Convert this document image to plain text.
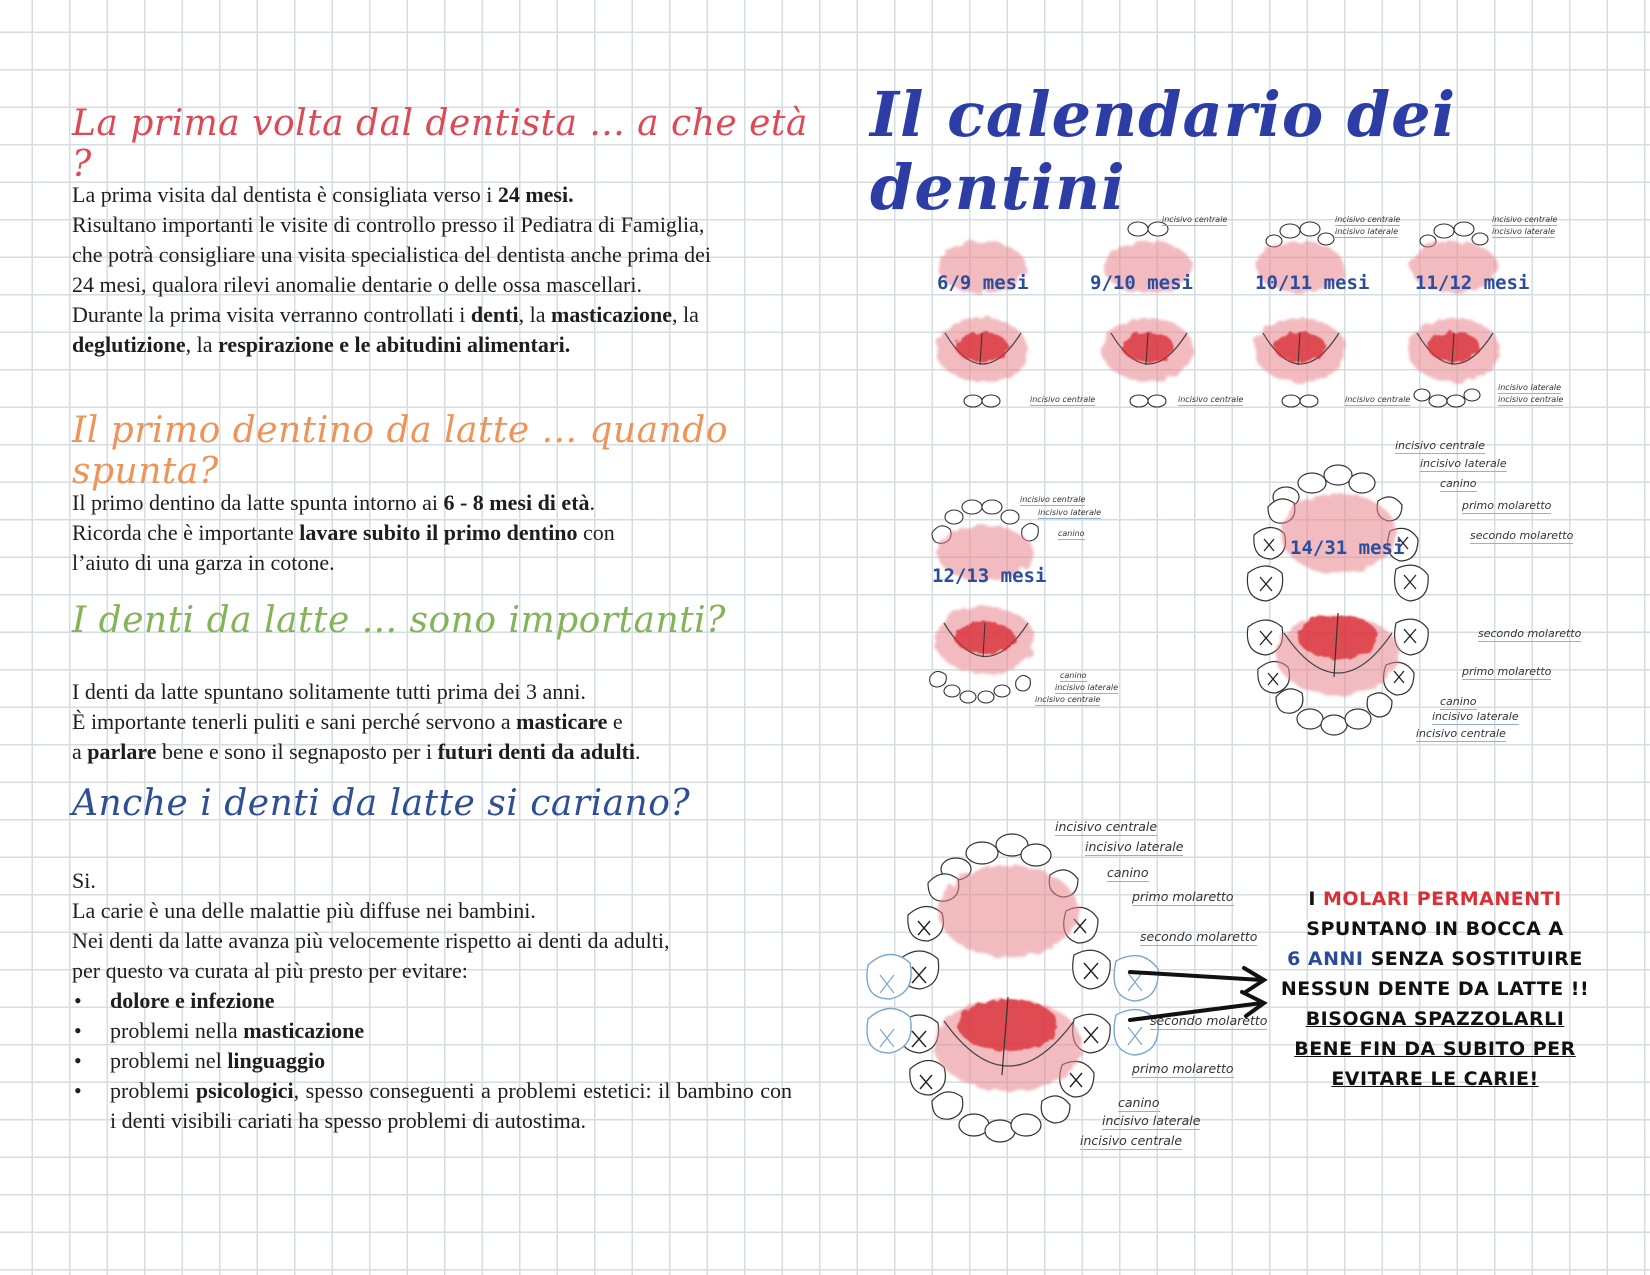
La prima volta dal dentista ... a che età ?
La prima visita dal dentista è consigliata verso i 24 mesi.
Risultano importanti le visite di controllo presso il Pediatra di Famiglia,
che potrà consigliare una visita specialistica del dentista anche prima dei
24 mesi, qualora rilevi anomalie dentarie o delle ossa mascellari.
Durante la prima visita verranno controllati i denti, la masticazione, la
deglutizione, la respirazione e le abitudini alimentari.
Il primo dentino da latte ... quando spunta?
Il primo dentino da latte spunta intorno ai 6 - 8 mesi di età.
Ricorda che è importante lavare subito il primo dentino con
l’aiuto di una garza in cotone.
I denti da latte ... sono importanti?
I denti da latte spuntano solitamente tutti prima dei 3 anni.
È importante tenerli puliti e sani perché servono a masticare e
a parlare bene e sono il segnaposto per i futuri denti da adulti.
Anche i denti da latte si cariano?
Si.
La carie è una delle malattie più diffuse nei bambini.
Nei denti da latte avanza più velocemente rispetto ai denti da adulti,
per questo va curata al più presto per evitare:
• dolore e infezione
• problemi nella masticazione
• problemi nel linguaggio
• problemi psicologici, spesso conseguenti a problemi estetici: il bambino con i denti visibili cariati ha spesso problemi di autostima.
Il calendario dei dentini
6/9 mesi
incisivo centrale
9/10 mesi
incisivo centrale
incisivo centrale
10/11 mesi
incisivo centrale
incisivo laterale
incisivo centrale
11/12 mesi
incisivo centrale
incisivo laterale
incisivo laterale
incisivo centrale
12/13 mesi
incisivo centrale
incisivo laterale
canino
canino
incisivo laterale
incisivo centrale
14/31 mesi
incisivo centrale
incisivo laterale
canino
primo molaretto
secondo molaretto
secondo molaretto
primo molaretto
canino
incisivo laterale
incisivo centrale
incisivo centrale
incisivo laterale
canino
primo molaretto
secondo molaretto
secondo molaretto
primo molaretto
canino
incisivo laterale
incisivo centrale
I MOLARI PERMANENTI
SPUNTANO IN BOCCA A
6 ANNI SENZA SOSTITUIRE
NESSUN DENTE DA LATTE !!
BISOGNA SPAZZOLARLI
BENE FIN DA SUBITO PER
EVITARE LE CARIE!
